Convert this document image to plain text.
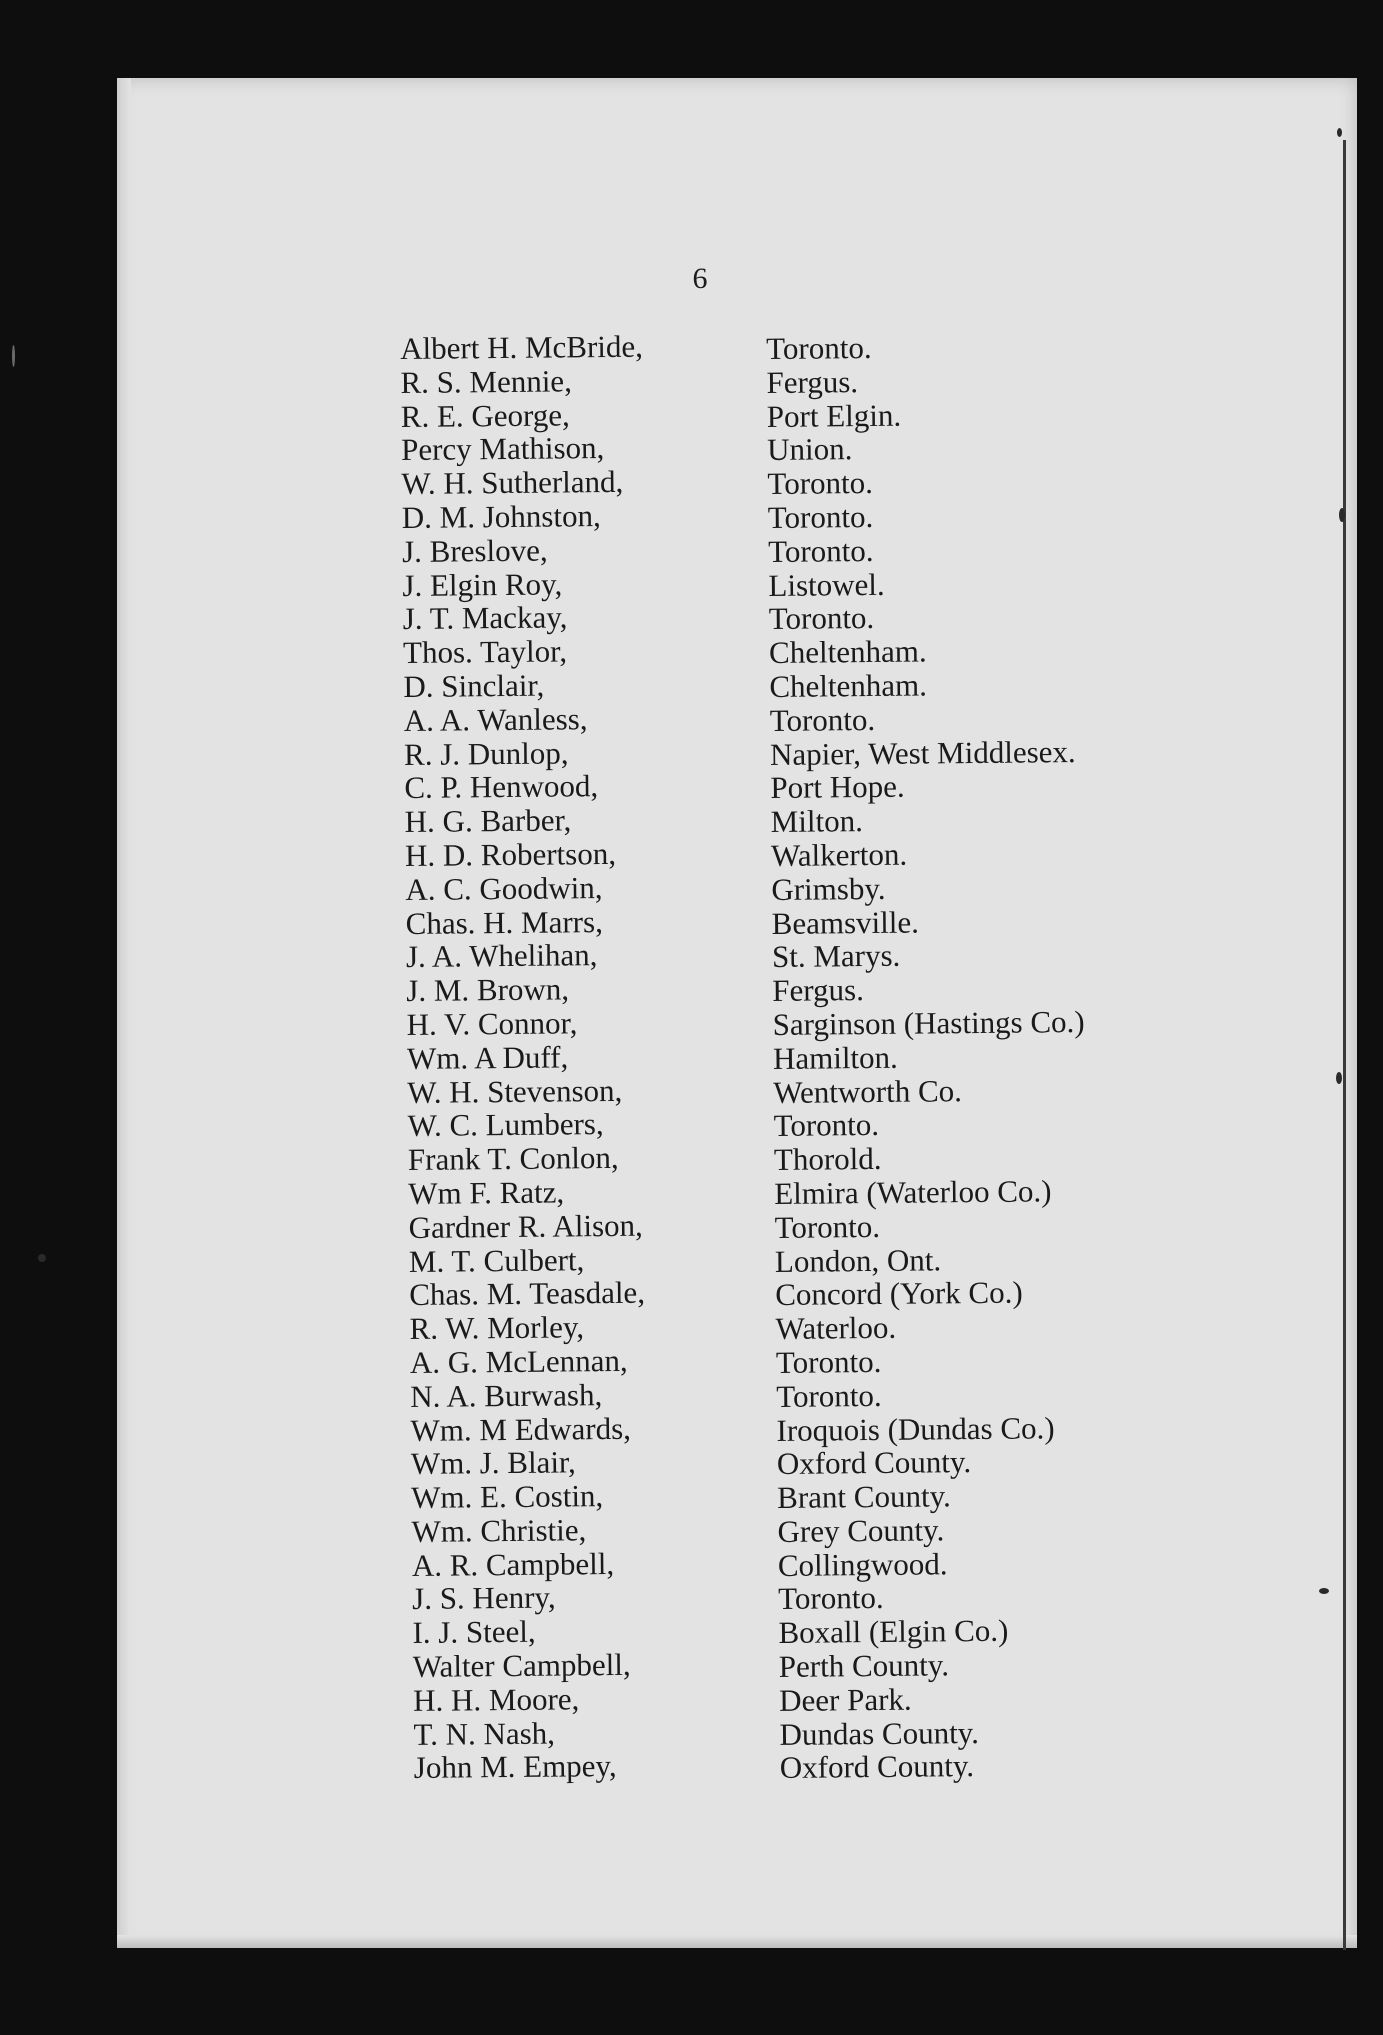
6
Albert H. McBride,
R. S. Mennie,
R. E. George,
Percy Mathison,
W. H. Sutherland,
D. M. Johnston,
J. Breslove,
J. Elgin Roy,
J. T. Mackay,
Thos. Taylor,
D. Sinclair,
A. A. Wanless,
R. J. Dunlop,
C. P. Henwood,
H. G. Barber,
H. D. Robertson,
A. C. Goodwin,
Chas. H. Marrs,
J. A. Whelihan,
J. M. Brown,
H. V. Connor,
Wm. A Duff,
W. H. Stevenson,
W. C. Lumbers,
Frank T. Conlon,
Wm F. Ratz,
Gardner R. Alison,
M. T. Culbert,
Chas. M. Teasdale,
R. W. Morley,
A. G. McLennan,
N. A. Burwash,
Wm. M Edwards,
Wm. J. Blair,
Wm. E. Costin,
Wm. Christie,
A. R. Campbell,
J. S. Henry,
I. J. Steel,
Walter Campbell,
H. H. Moore,
T. N. Nash,
John M. Empey,
Toronto.
Fergus.
Port Elgin.
Union.
Toronto.
Toronto.
Toronto.
Listowel.
Toronto.
Cheltenham.
Cheltenham.
Toronto.
Napier, West Middlesex.
Port Hope.
Milton.
Walkerton.
Grimsby.
Beamsville.
St. Marys.
Fergus.
Sarginson (Hastings Co.)
Hamilton.
Wentworth Co.
Toronto.
Thorold.
Elmira (Waterloo Co.)
Toronto.
London, Ont.
Concord (York Co.)
Waterloo.
Toronto.
Toronto.
Iroquois (Dundas Co.)
Oxford County.
Brant County.
Grey County.
Collingwood.
Toronto.
Boxall (Elgin Co.)
Perth County.
Deer Park.
Dundas County.
Oxford County.
